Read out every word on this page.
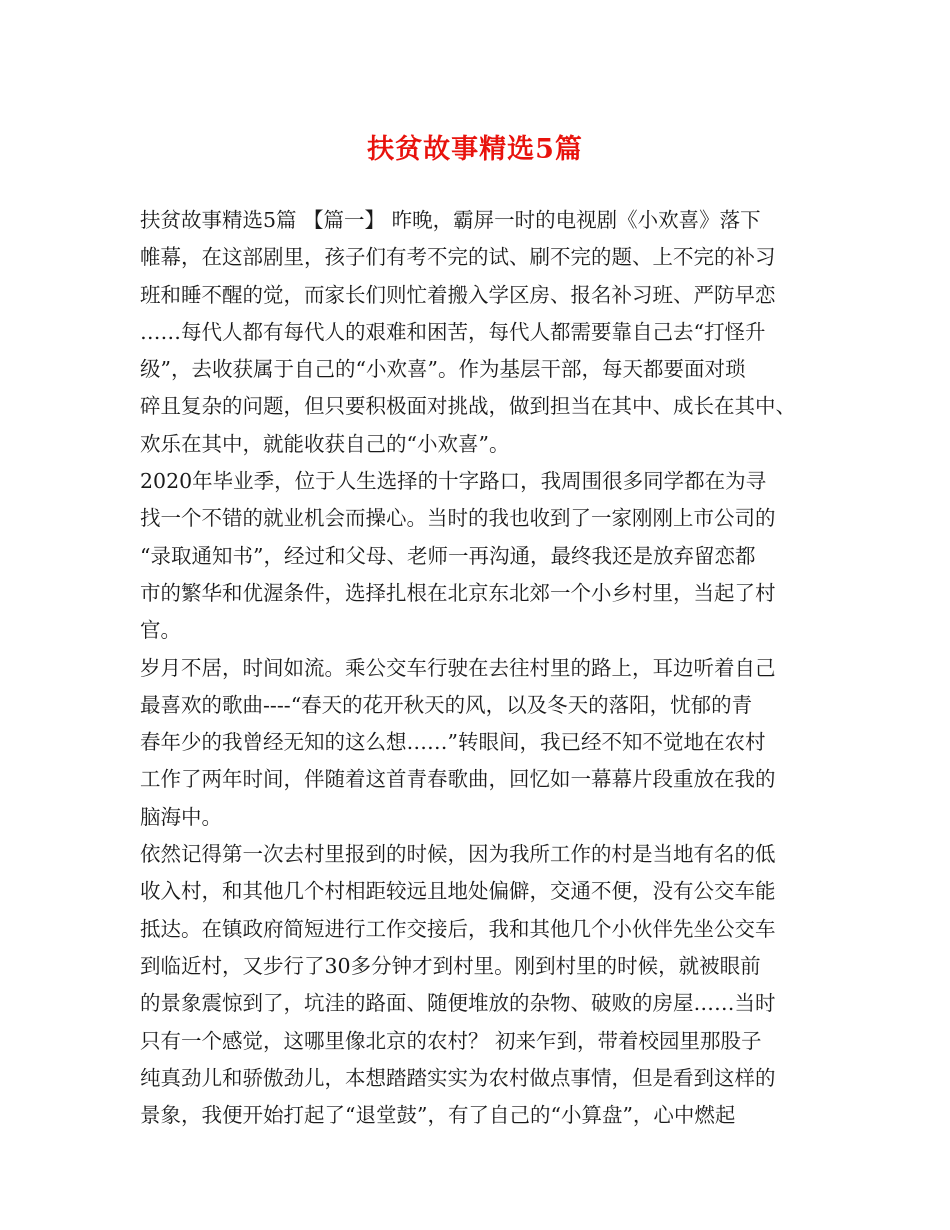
扶贫故事精选5篇
扶贫故事精选5篇 【篇一】 昨晚，霸屏一时的电视剧《小欢喜》落下
帷幕，在这部剧里，孩子们有考不完的试、刷不完的题、上不完的补习
班和睡不醒的觉，而家长们则忙着搬入学区房、报名补习班、严防早恋
……每代人都有每代人的艰难和困苦，每代人都需要靠自己去“打怪升
级”，去收获属于自己的“小欢喜”。作为基层干部，每天都要面对琐
碎且复杂的问题，但只要积极面对挑战，做到担当在其中、成长在其中、
欢乐在其中，就能收获自己的“小欢喜”。
2020年毕业季，位于人生选择的十字路口，我周围很多同学都在为寻
找一个不错的就业机会而操心。当时的我也收到了一家刚刚上市公司的
“录取通知书”，经过和父母、老师一再沟通，最终我还是放弃留恋都
市的繁华和优渥条件，选择扎根在北京东北郊一个小乡村里，当起了村
官。
岁月不居，时间如流。乘公交车行驶在去往村里的路上，耳边听着自己
最喜欢的歌曲----“春天的花开秋天的风，以及冬天的落阳，忧郁的青
春年少的我曾经无知的这么想……”转眼间，我已经不知不觉地在农村
工作了两年时间，伴随着这首青春歌曲，回忆如一幕幕片段重放在我的
脑海中。
依然记得第一次去村里报到的时候，因为我所工作的村是当地有名的低
收入村，和其他几个村相距较远且地处偏僻，交通不便，没有公交车能
抵达。在镇政府简短进行工作交接后，我和其他几个小伙伴先坐公交车
到临近村，又步行了30多分钟才到村里。刚到村里的时候，就被眼前
的景象震惊到了，坑洼的路面、随便堆放的杂物、破败的房屋……当时
只有一个感觉，这哪里像北京的农村？ 初来乍到，带着校园里那股子
纯真劲儿和骄傲劲儿，本想踏踏实实为农村做点事情，但是看到这样的
景象，我便开始打起了“退堂鼓”，有了自己的“小算盘”，心中燃起
